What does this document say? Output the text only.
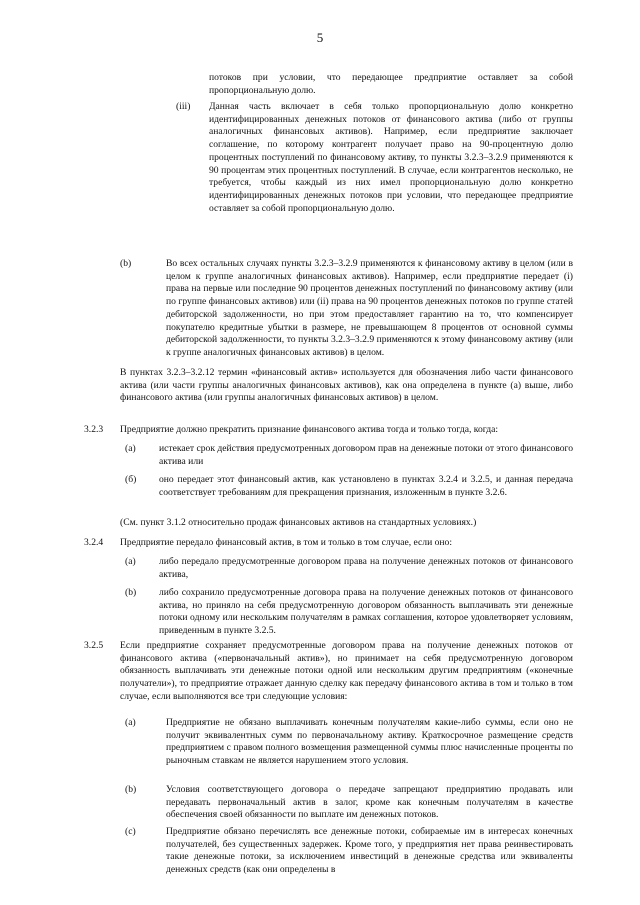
5
потоков при условии, что передающее предприятие оставляет за собой пропорциональную долю.
(iii) Данная часть включает в себя только пропорциональную долю конкретно идентифицированных денежных потоков от финансового актива (либо от группы аналогичных финансовых активов). Например, если предприятие заключает соглашение, по которому контрагент получает право на 90-процентную долю процентных поступлений по финансовому активу, то пункты 3.2.3–3.2.9 применяются к 90 процентам этих процентных поступлений. В случае, если контрагентов несколько, не требуется, чтобы каждый из них имел пропорциональную долю конкретно идентифицированных денежных потоков при условии, что передающее предприятие оставляет за собой пропорциональную долю.
(b)	Во всех остальных случаях пункты 3.2.3–3.2.9 применяются к финансовому активу в целом (или в целом к группе аналогичных финансовых активов). Например, если предприятие передает (i) права на первые или последние 90 процентов денежных поступлений по финансовому активу (или по группе финансовых активов) или (ii) права на 90 процентов денежных потоков по группе статей дебиторской задолженности, но при этом предоставляет гарантию на то, что компенсирует покупателю кредитные убытки в размере, не превышающем 8 процентов от основной суммы дебиторской задолженности, то пункты 3.2.3–3.2.9 применяются к этому финансовому активу (или к группе аналогичных финансовых активов) в целом.
В пунктах 3.2.3–3.2.12 термин «финансовый актив» используется для обозначения либо части финансового актива (или части группы аналогичных финансовых активов), как она определена в пункте (а) выше, либо финансового актива (или группы аналогичных финансовых активов) в целом.
3.2.3 Предприятие должно прекратить признание финансового актива тогда и только тогда, когда:
(а) истекает срок действия предусмотренных договором прав на денежные потоки от этого финансового актива или
(б) оно передает этот финансовый актив, как установлено в пунктах 3.2.4 и 3.2.5, и данная передача соответствует требованиям для прекращения признания, изложенным в пункте 3.2.6.
(См. пункт 3.1.2 относительно продаж финансовых активов на стандартных условиях.)
3.2.4 Предприятие передало финансовый актив, в том и только в том случае, если оно:
(а) либо передало предусмотренные договором права на получение денежных потоков от финансового актива,
(b) либо сохранило предусмотренные договора права на получение денежных потоков от финансового актива, но приняло на себя предусмотренную договором обязанность выплачивать эти денежные потоки одному или нескольким получателям в рамках соглашения, которое удовлетворяет условиям, приведенным в пункте 3.2.5.
3.2.5 Если предприятие сохраняет предусмотренные договором права на получение денежных потоков от финансового актива («первоначальный актив»), но принимает на себя предусмотренную договором обязанность выплачивать эти денежные потоки одной или нескольким другим предприятиям («конечные получатели»), то предприятие отражает данную сделку как передачу финансового актива в том и только в том случае, если выполняются все три следующие условия:
(a)	Предприятие не обязано выплачивать конечным получателям какие-либо суммы, если оно не получит эквивалентных сумм по первоначальному активу. Краткосрочное размещение средств предприятием с правом полного возмещения размещенной суммы плюс начисленные проценты по рыночным ставкам не является нарушением этого условия.
(b)	Условия соответствующего договора о передаче запрещают предприятию продавать или передавать первоначальный актив в залог, кроме как конечным получателям в качестве обеспечения своей обязанности по выплате им денежных потоков.
(c)	Предприятие обязано перечислять все денежные потоки, собираемые им в интересах конечных получателей, без существенных задержек. Кроме того, у предприятия нет права реинвестировать такие денежные потоки, за исключением инвестиций в денежные средства или эквиваленты денежных средств (как они определены в
